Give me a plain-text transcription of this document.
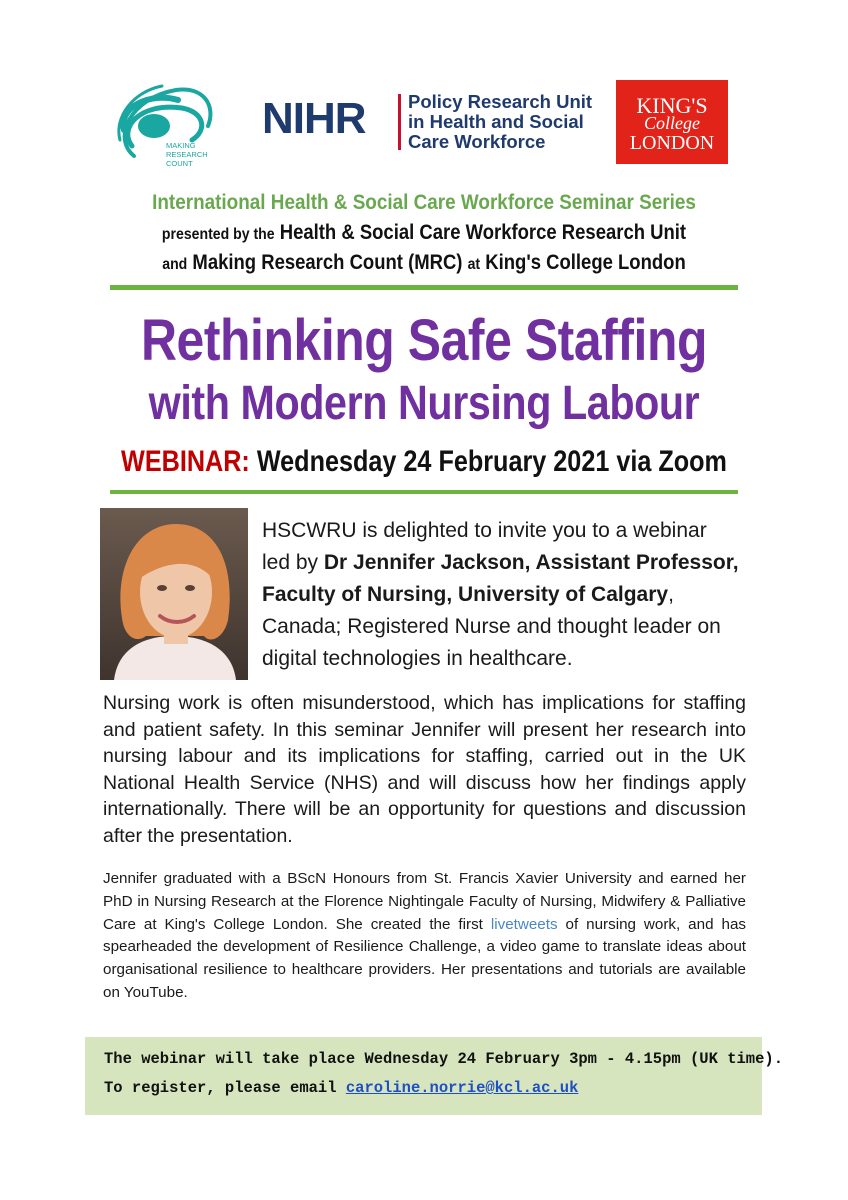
MAKING
RESEARCH
COUNT
NIHR Policy Research Unit
in Health and Social
Care Workforce
KING'S
College
LONDON
International Health & Social Care Workforce Seminar Series
presented by the Health & Social Care Workforce Research Unit
and Making Research Count (MRC) at King's College London
Rethinking Safe Staffing
with Modern Nursing Labour
WEBINAR: Wednesday 24 February 2021 via Zoom
HSCWRU is delighted to invite you to a webinar led by Dr Jennifer Jackson, Assistant Professor, Faculty of Nursing, University of Calgary, Canada; Registered Nurse and thought leader on digital technologies in healthcare.
Nursing work is often misunderstood, which has implications for staffing and patient safety. In this seminar Jennifer will present her research into nursing labour and its implications for staffing, carried out in the UK National Health Service (NHS) and will discuss how her findings apply internationally. There will be an opportunity for questions and discussion after the presentation.
Jennifer graduated with a BScN Honours from St. Francis Xavier University and earned her PhD in Nursing Research at the Florence Nightingale Faculty of Nursing, Midwifery & Palliative Care at King's College London. She created the first livetweets of nursing work, and has spearheaded the development of Resilience Challenge, a video game to translate ideas about organisational resilience to healthcare providers. Her presentations and tutorials are available on YouTube.
The webinar will take place Wednesday 24 February 3pm - 4.15pm (UK time).
To register, please email caroline.norrie@kcl.ac.uk
